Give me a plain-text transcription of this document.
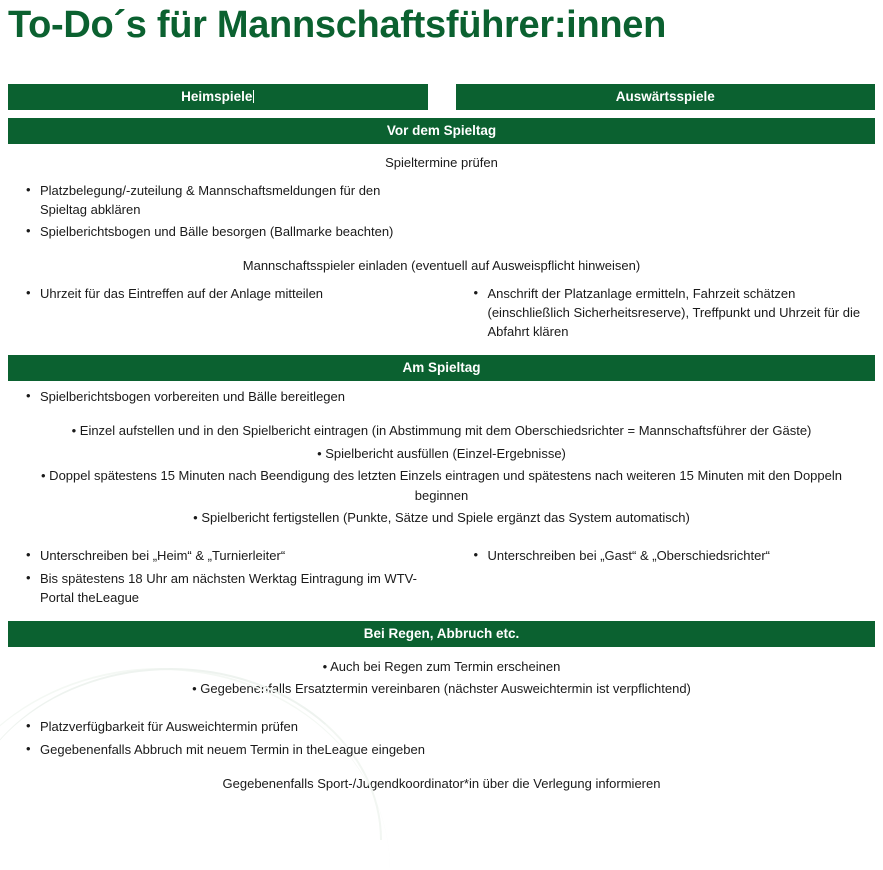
To-Do´s für Mannschaftsführer:innen
Heimspiele	Auswärtsspiele
Vor dem Spieltag
Spieltermine prüfen
• Platzbelegung/-zuteilung & Mannschaftsmeldungen für den Spieltag abklären
• Spielberichtsbogen und Bälle besorgen (Ballmarke beachten)
Mannschaftsspieler einladen (eventuell auf Ausweispflicht hinweisen)
• Uhrzeit für das Eintreffen auf der Anlage mitteilen	• Anschrift der Platzanlage ermitteln, Fahrzeit schätzen (einschließlich Sicherheitsreserve), Treffpunkt und Uhrzeit für die Abfahrt klären
Am Spieltag
• Spielberichtsbogen vorbereiten und Bälle bereitlegen
• Einzel aufstellen und in den Spielbericht eintragen (in Abstimmung mit dem Oberschiedsrichter = Mannschaftsführer der Gäste)
• Spielbericht ausfüllen (Einzel-Ergebnisse)
• Doppel spätestens 15 Minuten nach Beendigung des letzten Einzels eintragen und spätestens nach weiteren 15 Minuten mit den Doppeln beginnen
• Spielbericht fertigstellen (Punkte, Sätze und Spiele ergänzt das System automatisch)
• Unterschreiben bei „Heim“ & „Turnierleiter“
• Bis spätestens 18 Uhr am nächsten Werktag Eintragung im WTV-Portal theLeague
• Unterschreiben bei „Gast“ & „Oberschiedsrichter“
Bei Regen, Abbruch etc.
• Auch bei Regen zum Termin erscheinen
• Gegebenenfalls Ersatztermin vereinbaren (nächster Ausweichtermin ist verpflichtend)
• Platzverfügbarkeit für Ausweichtermin prüfen
• Gegebenenfalls Abbruch mit neuem Termin in theLeague eingeben
Gegebenenfalls Sport-/Jugendkoordinator*in über die Verlegung informieren
